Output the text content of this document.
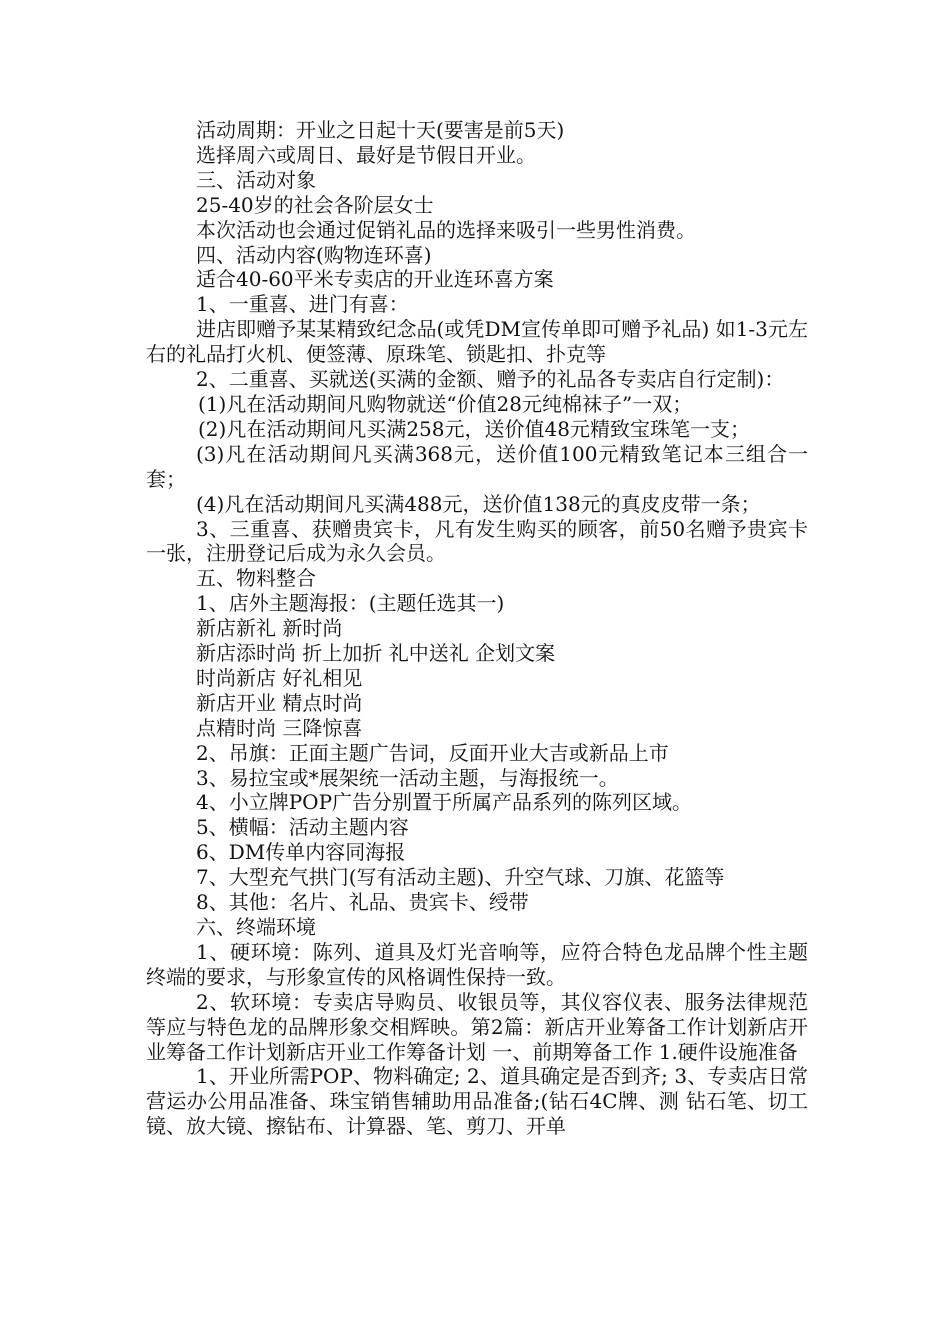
活动周期：开业之日起十天(要害是前5天)
选择周六或周日、最好是节假日开业。
三、活动对象
25-40岁的社会各阶层女士
本次活动也会通过促销礼品的选择来吸引一些男性消费。
四、活动内容(购物连环喜)
适合40-60平米专卖店的开业连环喜方案
1、一重喜、进门有喜：
进店即赠予某某精致纪念品(或凭DM宣传单即可赠予礼品) 如1-3元左右的礼品打火机、便签薄、原珠笔、锁匙扣、扑克等
2、二重喜、买就送(买满的金额、赠予的礼品各专卖店自行定制)：
(1)凡在活动期间凡购物就送“价值28元纯棉袜子”一双；
(2)凡在活动期间凡买满258元，送价值48元精致宝珠笔一支；
(3)凡在活动期间凡买满368元，送价值100元精致笔记本三组合一套；
(4)凡在活动期间凡买满488元，送价值138元的真皮皮带一条；
3、三重喜、获赠贵宾卡，凡有发生购买的顾客，前50名赠予贵宾卡一张，注册登记后成为永久会员。
五、物料整合
1、店外主题海报：(主题任选其一)
新店新礼 新时尚
新店添时尚 折上加折 礼中送礼 企划文案
时尚新店 好礼相见
新店开业 精点时尚
点精时尚 三降惊喜
2、吊旗：正面主题广告词，反面开业大吉或新品上市
3、易拉宝或*展架统一活动主题，与海报统一。
4、小立牌POP广告分别置于所属产品系列的陈列区域。
5、横幅：活动主题内容
6、DM传单内容同海报
7、大型充气拱门(写有活动主题)、升空气球、刀旗、花篮等
8、其他：名片、礼品、贵宾卡、绶带
六、终端环境
1、硬环境：陈列、道具及灯光音响等，应符合特色龙品牌个性主题终端的要求，与形象宣传的风格调性保持一致。
2、软环境：专卖店导购员、收银员等，其仪容仪表、服务法律规范等应与特色龙的品牌形象交相辉映。第2篇：新店开业筹备工作计划新店开业筹备工作计划新店开业工作筹备计划 一、前期筹备工作 1.硬件设施准备
1、开业所需POP、物料确定; 2、道具确定是否到齐; 3、专卖店日常营运办公用品准备、珠宝销售辅助用品准备;(钻石4C牌、测 钻石笔、切工镜、放大镜、擦钻布、计算器、笔、剪刀、开单
